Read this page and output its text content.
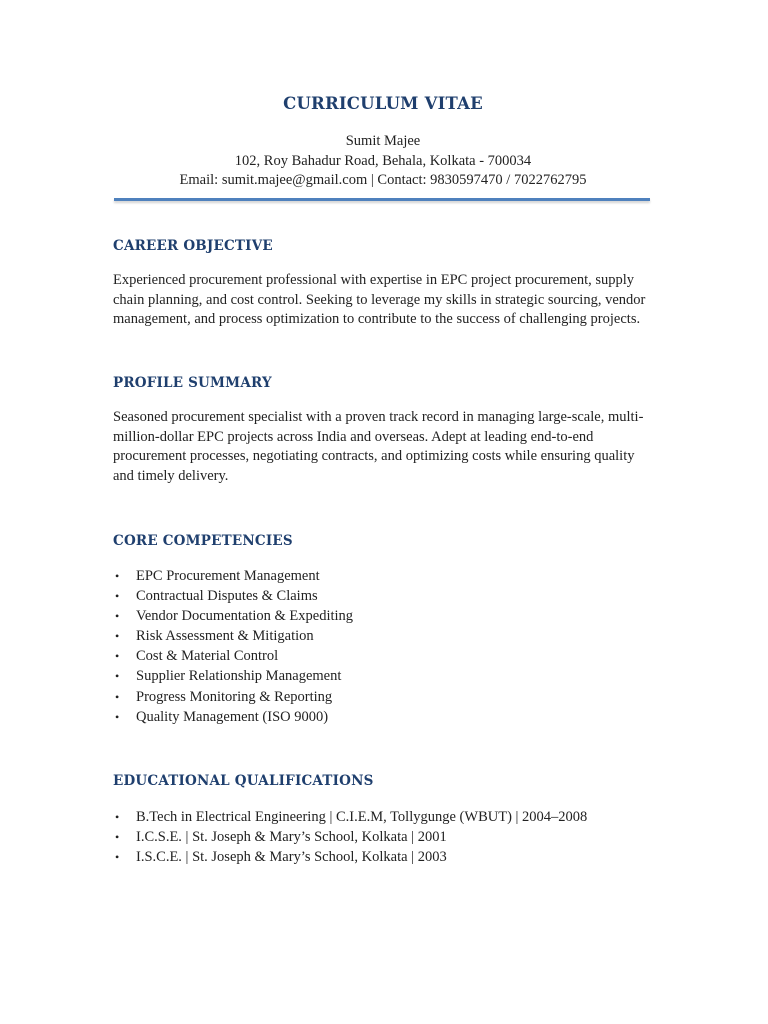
CURRICULUM VITAE
Sumit Majee
102, Roy Bahadur Road, Behala, Kolkata - 700034
Email: sumit.majee@gmail.com | Contact: 9830597470 / 7022762795
CAREER OBJECTIVE
Experienced procurement professional with expertise in EPC project procurement, supply
chain planning, and cost control. Seeking to leverage my skills in strategic sourcing, vendor
management, and process optimization to contribute to the success of challenging projects.
PROFILE SUMMARY
Seasoned procurement specialist with a proven track record in managing large-scale, multi-
million-dollar EPC projects across India and overseas. Adept at leading end-to-end
procurement processes, negotiating contracts, and optimizing costs while ensuring quality
and timely delivery.
CORE COMPETENCIES
• EPC Procurement Management
• Contractual Disputes & Claims
• Vendor Documentation & Expediting
• Risk Assessment & Mitigation
• Cost & Material Control
• Supplier Relationship Management
• Progress Monitoring & Reporting
• Quality Management (ISO 9000)
EDUCATIONAL QUALIFICATIONS
• B.Tech in Electrical Engineering | C.I.E.M, Tollygunge (WBUT) | 2004–2008
• I.C.S.E. | St. Joseph & Mary’s School, Kolkata | 2001
• I.S.C.E. | St. Joseph & Mary’s School, Kolkata | 2003
